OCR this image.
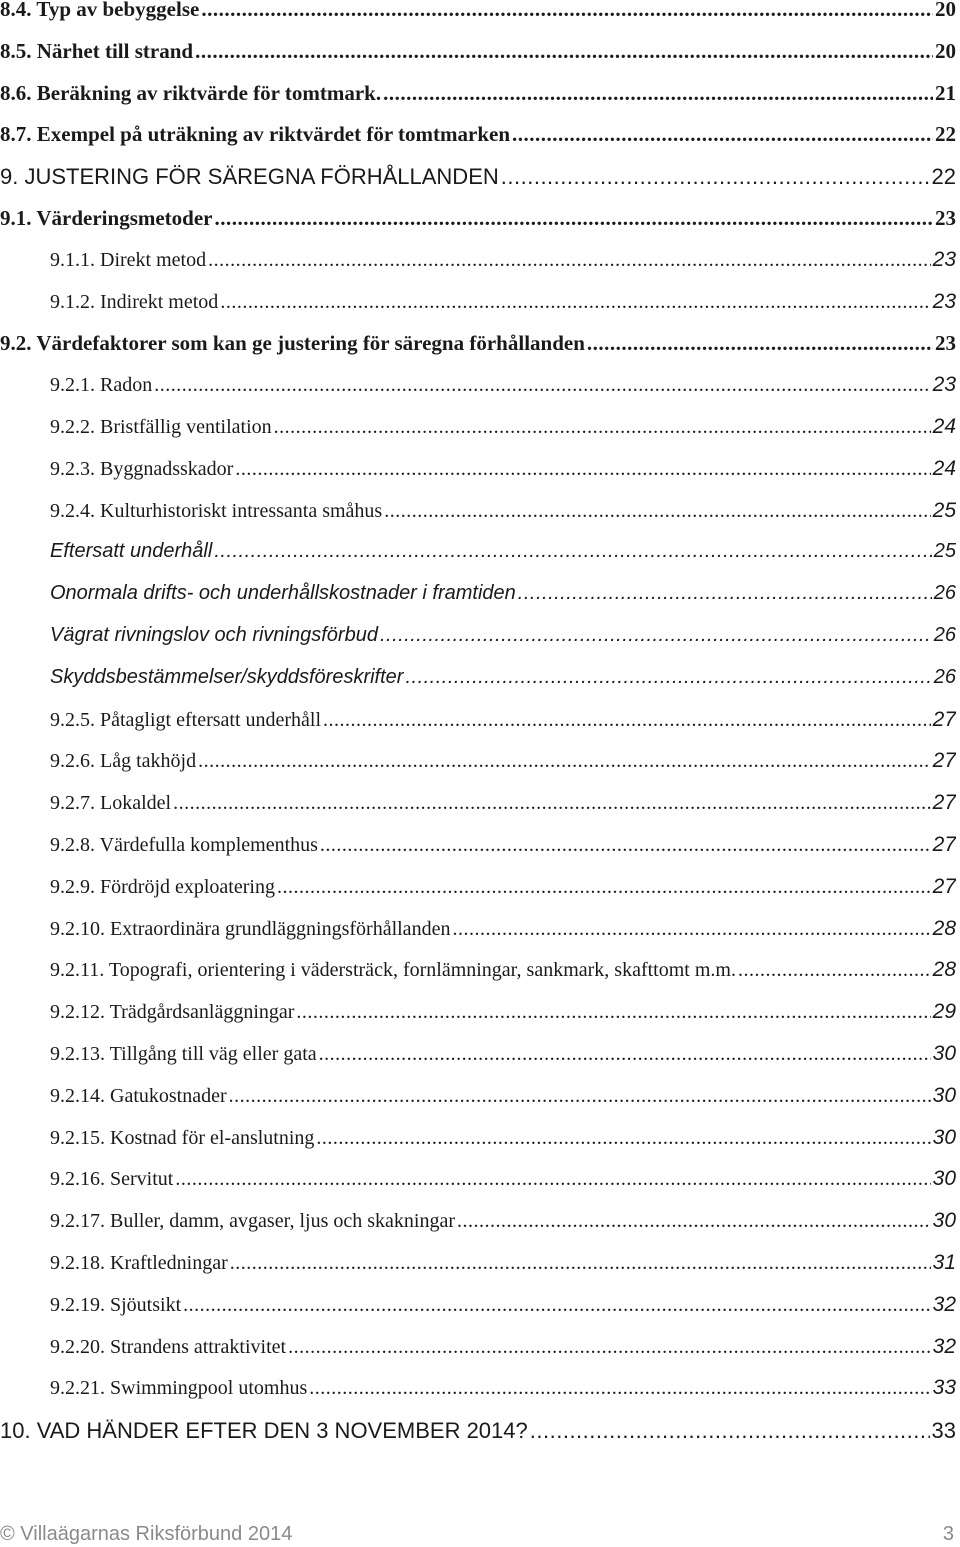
8.4. Typ av bebyggelse .....	20
8.5. Närhet till strand .....	20
8.6. Beräkning av riktvärde för tomtmark. .....	21
8.7. Exempel på uträkning av riktvärdet för tomtmarken .....	22
9. JUSTERING FÖR SÄREGNA FÖRHÅLLANDEN .....	22
9.1. Värderingsmetoder .....	23
9.1.1. Direkt metod .....	23
9.1.2. Indirekt metod .....	23
9.2. Värdefaktorer som kan ge justering för säregna förhållanden .....	23
9.2.1. Radon .....	23
9.2.2. Bristfällig ventilation .....	24
9.2.3. Byggnadsskador .....	24
9.2.4. Kulturhistoriskt intressanta småhus .....	25
Eftersatt underhåll .....	25
Onormala drifts- och underhållskostnader i framtiden .....	26
Vägrat rivningslov och rivningsförbud .....	26
Skyddsbestämmelser/skyddsföreskrifter .....	26
9.2.5. Påtagligt eftersatt underhåll .....	27
9.2.6. Låg takhöjd .....	27
9.2.7. Lokaldel .....	27
9.2.8. Värdefulla komplementhus .....	27
9.2.9. Fördröjd exploatering .....	27
9.2.10. Extraordinära grundläggningsförhållanden .....	28
9.2.11. Topografi, orientering i vädersträck, fornlämningar, sankmark, skafttomt m.m. .....	28
9.2.12. Trädgårdsanläggningar .....	29
9.2.13. Tillgång till väg eller gata .....	30
9.2.14. Gatukostnader .....	30
9.2.15. Kostnad för el-anslutning .....	30
9.2.16. Servitut .....	30
9.2.17. Buller, damm, avgaser, ljus och skakningar .....	30
9.2.18. Kraftledningar .....	31
9.2.19. Sjöutsikt .....	32
9.2.20. Strandens attraktivitet .....	32
9.2.21. Swimmingpool utomhus .....	33
10. VAD HÄNDER EFTER DEN 3 NOVEMBER 2014? .....	33
© Villaägarnas Riksförbund 2014	3
